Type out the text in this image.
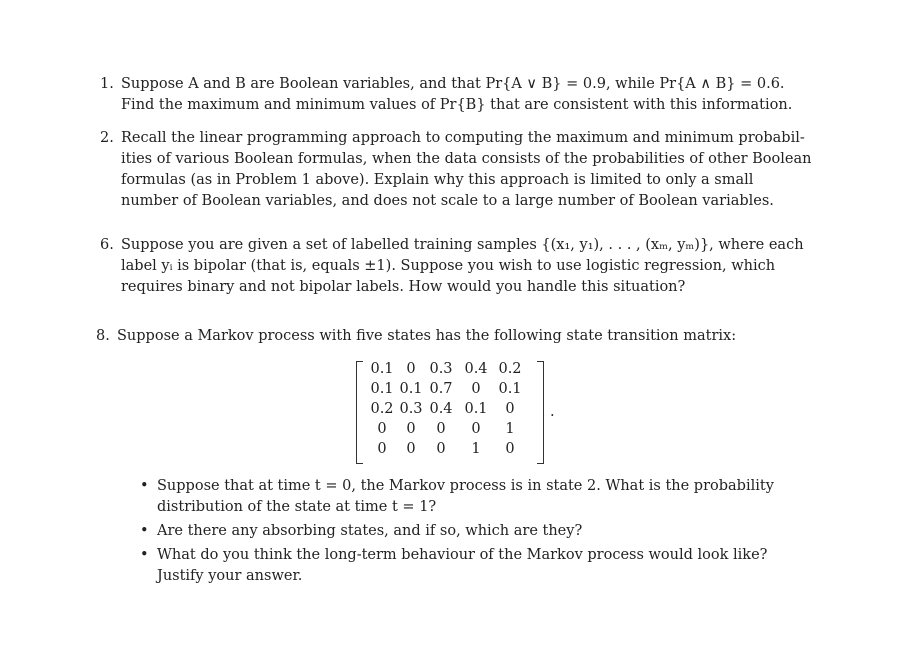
1. Suppose A and B are Boolean variables, and that Pr{A ∨ B} = 0.9, while Pr{A ∧ B} = 0.6.
Find the maximum and minimum values of Pr{B} that are consistent with this information.
2. Recall the linear programming approach to computing the maximum and minimum probabil-
ities of various Boolean formulas, when the data consists of the probabilities of other Boolean
formulas (as in Problem 1 above). Explain why this approach is limited to only a small
number of Boolean variables, and does not scale to a large number of Boolean variables.
6. Suppose you are given a set of labelled training samples {(x₁, y₁), . . . , (xₘ, yₘ)}, where each
label yᵢ is bipolar (that is, equals ±1). Suppose you wish to use logistic regression, which
requires binary and not bipolar labels. How would you handle this situation?
8. Suppose a Markov process with five states has the following state transition matrix:
0.1 0 0.3 0.4 0.2
0.1 0.1 0.7	0	0.1
0.2 0.3 0.4 0.1	0
0	0	0	0	1
0	0	0	1	0
.
• Suppose that at time t = 0, the Markov process is in state 2. What is the probability
distribution of the state at time t = 1?
• Are there any absorbing states, and if so, which are they?
• What do you think the long-term behaviour of the Markov process would look like?
Justify your answer.
